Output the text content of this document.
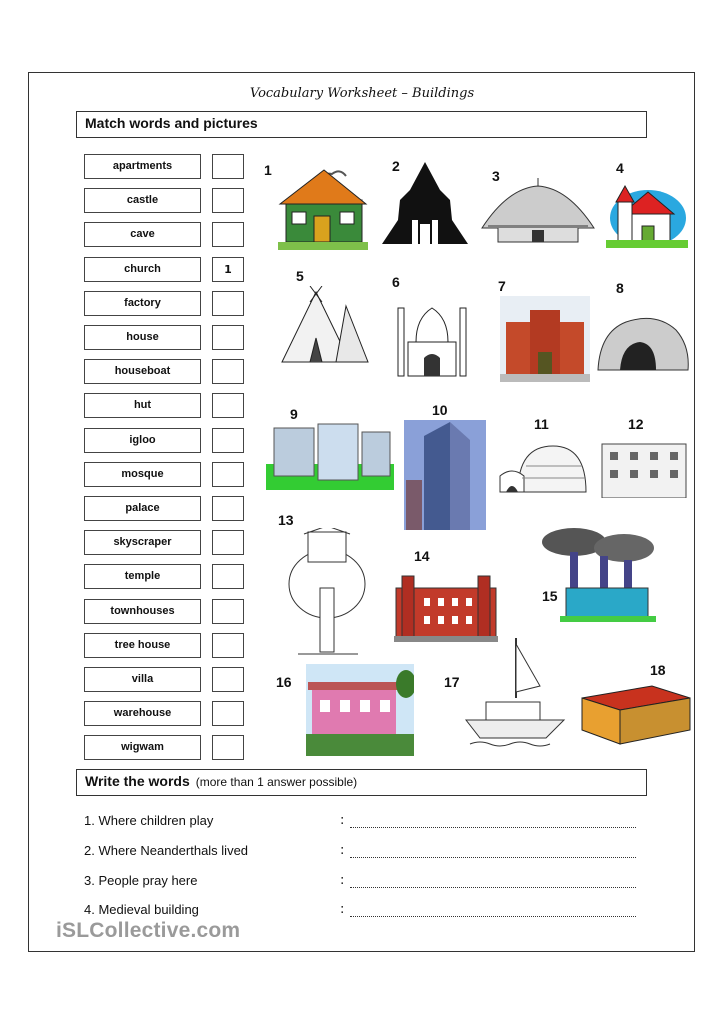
Vocabulary Worksheet – Buildings
Match words and pictures
apartments
castle
cave
church	1
factory
house
houseboat
hut
igloo
mosque
palace
skyscraper
temple
townhouses
tree house
villa
warehouse
wigwam
1	2
3	4
5	6	7	8
9	10
11	12
13
14
15
16	17
18
Write the words (more than 1 answer possible)
1. Where children play	:
2. Where Neanderthals lived	:
3. People pray here	:
4. Medieval building	:
iSLCollective.com
